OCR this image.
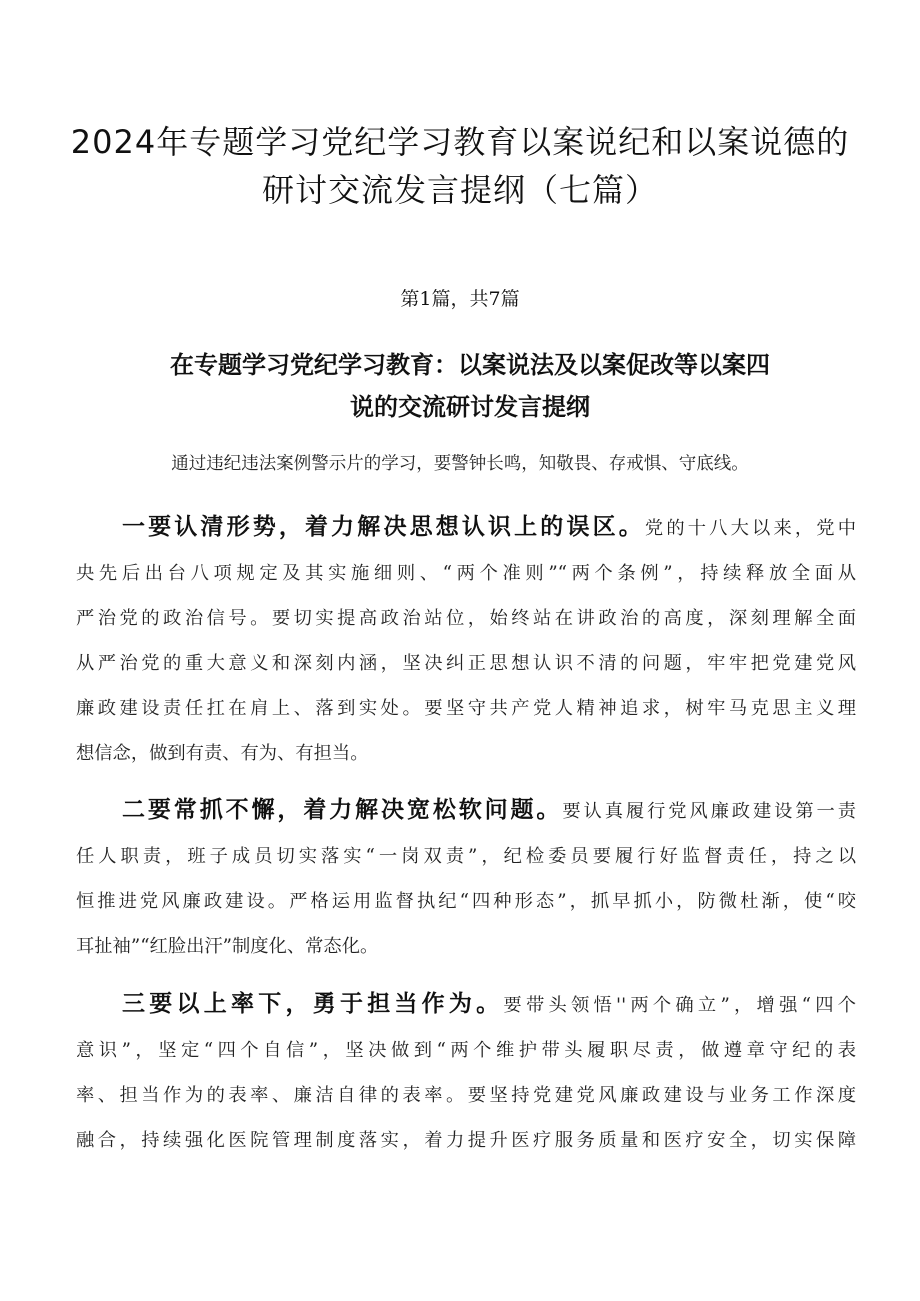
2024年专题学习党纪学习教育以案说纪和以案说德的
研讨交流发言提纲（七篇）
第1篇，共7篇
在专题学习党纪学习教育：以案说法及以案促改等以案四
说的交流研讨发言提纲
通过违纪违法案例警示片的学习，要警钟长鸣，知敬畏、存戒惧、守底线。
一要认清形势，着力解决思想认识上的误区。党的十八大以来，党中
央先后出台八项规定及其实施细则、“两个准则”“两个条例”，持续释放全面从
严治党的政治信号。要切实提高政治站位，始终站在讲政治的高度，深刻理解全面
从严治党的重大意义和深刻内涵，坚决纠正思想认识不清的问题，牢牢把党建党风
廉政建设责任扛在肩上、落到实处。要坚守共产党人精神追求，树牢马克思主义理
想信念，做到有责、有为、有担当。
二要常抓不懈，着力解决宽松软问题。要认真履行党风廉政建设第一责
任人职责，班子成员切实落实“一岗双责”，纪检委员要履行好监督责任，持之以
恒推进党风廉政建设。严格运用监督执纪“四种形态”，抓早抓小，防微杜渐，使“咬
耳扯袖”“红脸出汗”制度化、常态化。
三要以上率下，勇于担当作为。要带头领悟''两个确立”，增强“四个
意识”，坚定“四个自信”，坚决做到“两个维护带头履职尽责，做遵章守纪的表
率、担当作为的表率、廉洁自律的表率。要坚持党建党风廉政建设与业务工作深度
融合，持续强化医院管理制度落实，着力提升医疗服务质量和医疗安全，切实保障
